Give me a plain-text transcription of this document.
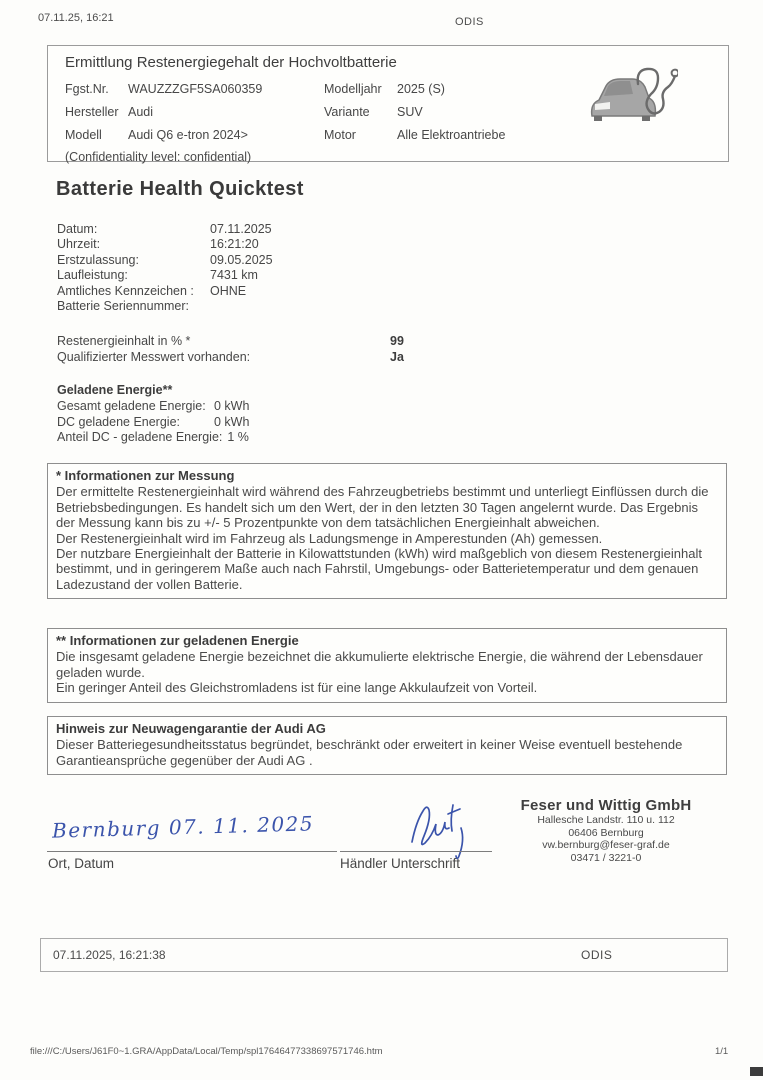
07.11.25, 16:21	ODIS
Ermittlung Restenergiegehalt der Hochvoltbatterie
Fgst.Nr.	WAUZZZGF5SA060359	Modelljahr	2025 (S)
Hersteller Audi	Variante	SUV
Modell	Audi Q6 e-tron 2024>	Motor	Alle Elektroantriebe
(Confidentiality level: confidential)
Batterie Health Quicktest
Datum:	07.11.2025
Uhrzeit:	16:21:20
Erstzulassung:	09.05.2025
Laufleistung:	7431 km
Amtliches Kennzeichen :	OHNE
Batterie Seriennummer:
Restenergieinhalt in % *	99
Qualifizierter Messwert vorhanden:	Ja
Geladene Energie**
Gesamt geladene Energie: 0 kWh
DC geladene Energie:	0 kWh
Anteil DC - geladene Energie: 1 %
* Informationen zur Messung

Der ermittelte Restenergieinhalt wird während des Fahrzeugbetriebs bestimmt und unterliegt Einflüssen durch die Betriebsbedingungen. Es handelt sich um den Wert, der in den letzten 30 Tagen angelernt wurde. Das Ergebnis der Messung kann bis zu +/- 5 Prozentpunkte von dem tatsächlichen Energieinhalt abweichen.

Der Restenergieinhalt wird im Fahrzeug als Ladungsmenge in Amperestunden (Ah) gemessen.

Der nutzbare Energieinhalt der Batterie in Kilowattstunden (kWh) wird maßgeblich von diesem Restenergieinhalt bestimmt, und in geringerem Maße auch nach Fahrstil, Umgebungs- oder Batterietemperatur und dem genauen Ladezustand der vollen Batterie.

** Informationen zur geladenen Energie

Die insgesamt geladene Energie bezeichnet die akkumulierte elektrische Energie, die während der Lebensdauer geladen wurde.

Ein geringer Anteil des Gleichstromladens ist für eine lange Akkulaufzeit von Vorteil.

Hinweis zur Neuwagengarantie der Audi AG

Dieser Batteriegesundheitsstatus begründet, beschränkt oder erweitert in keiner Weise eventuell bestehende Garantieansprüche gegenüber der Audi AG .

Bernburg 07. 11. 2025
Ort, Datum	Händler Unterschrift
Feser und Wittig GmbH
Hallesche Landstr. 110 u. 112
06406 Bernburg
vw.bernburg@feser-graf.de
03471 / 3221-0
07.11.2025, 16:21:38	ODIS
file:///C:/Users/J61F0~1.GRA/AppData/Local/Temp/spl17646477338697571746.htm	1/1
